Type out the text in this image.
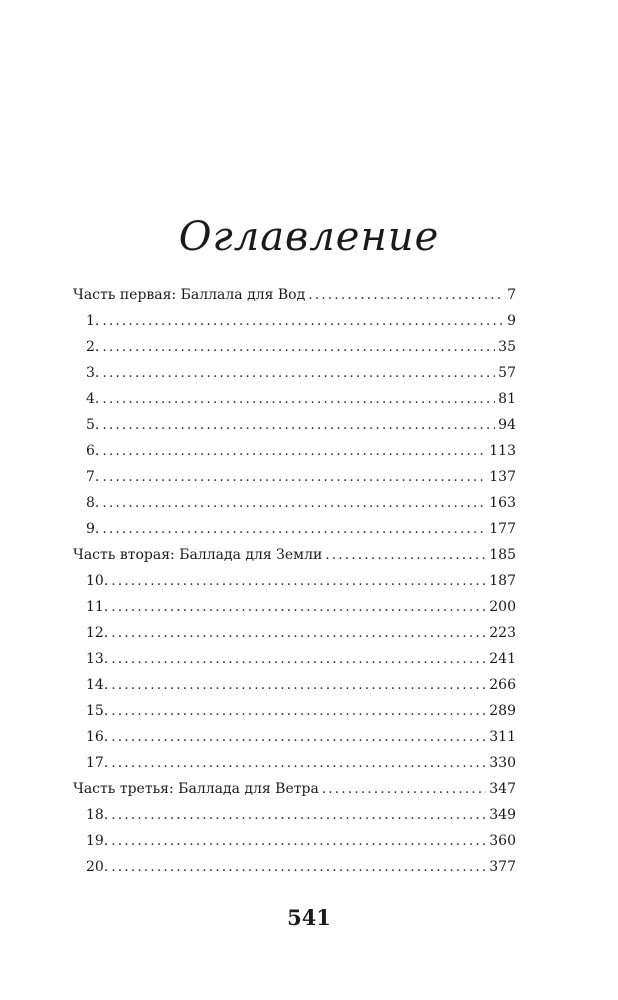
Оглавление
Часть первая: Баллала для Вод . . .	7
1. . . .	9
2. . . .	35
3. . . .	57
4. . . .	81
5. . . .	94
6. . . .	113
7. . . .	137
8. . . .	163
9. . . .	177
Часть вторая: Баллада для Земли . . .	185
10. . . .	187
11. . . .	200
12. . . .	223
13. . . .	241
14. . . .	266
15. . . .	289
16. . . .	311
17. . . .	330
Часть третья: Баллада для Ветра . . .	347
18. . . .	349
19. . . .	360
20. . . .	377
541
